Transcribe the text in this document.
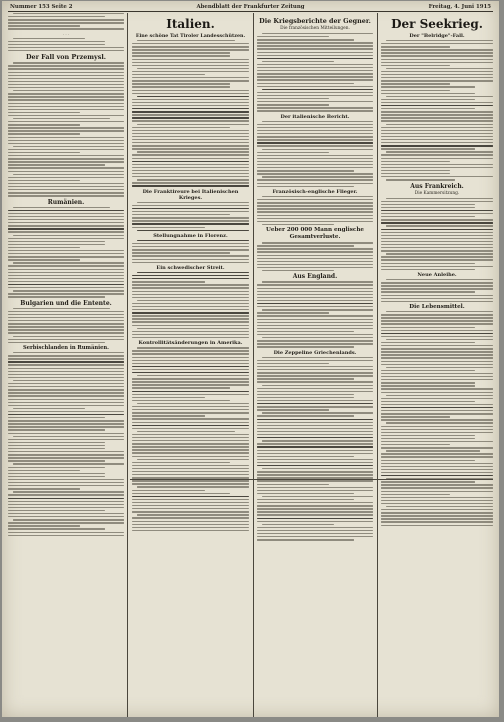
Nummer 153 Seite 2	Abendblatt der Frankfurter Zeitung	Freitag, 4. Juni 1915
· · ·
Der Fall von Przemysl.
Rumänien.
Bulgarien und die Entente.
Serbischlanden in Rumänien.
Italien.
Eine schöne Tat Tiroler Landesschützen.
Die Franktireure bei Italienischen Krieges.
Stellungnahme in Florenz.
Ein schwedischer Streit.
Kontrollitätsänderungen in Amerika.
Die Kriegsberichte der Gegner.
Die französischen Mitteilungen.
Der italienische Bericht.
Französisch-englische Flieger.
Ueber 200 000 Mann englische Gesamtverluste.
Aus England.
Die Zeppeline Griechenlands.
Der Seekrieg.
Der "Belridge"-Fall.
Aus Frankreich.
Die Kammersitzung.
Neue Anleihe.
Die Lebensmittel.
